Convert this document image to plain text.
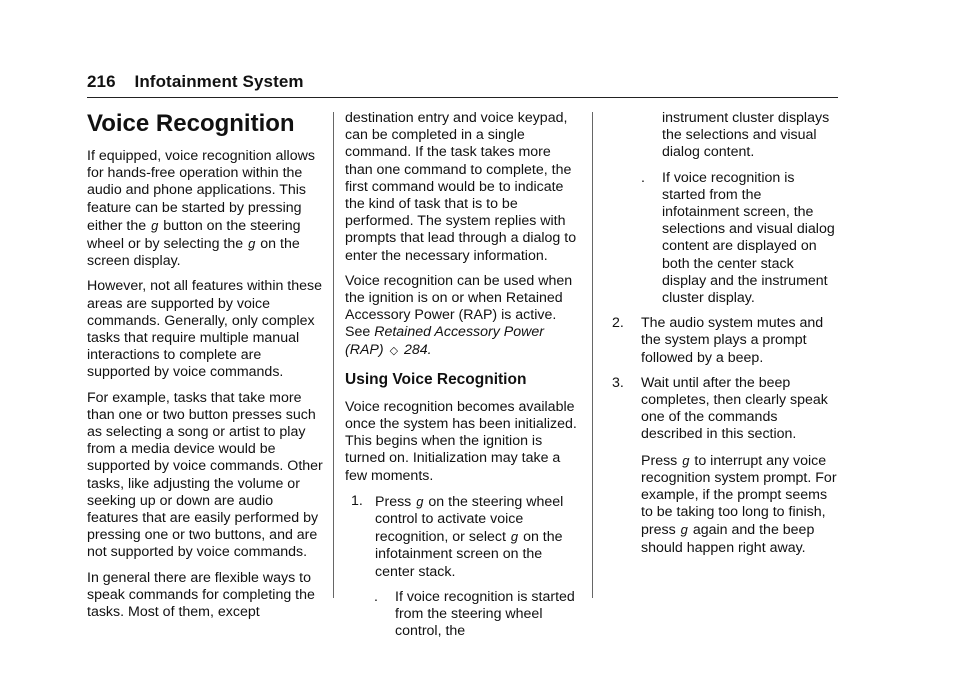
216 Infotainment System
Voice Recognition

If equipped, voice recognition allows for hands-free operation within the audio and phone applications. This feature can be started by pressing either the g button on the steering wheel or by selecting the g on the screen display.

However, not all features within these areas are supported by voice commands. Generally, only complex tasks that require multiple manual interactions to complete are supported by voice commands.

For example, tasks that take more than one or two button presses such as selecting a song or artist to play from a media device would be supported by voice commands. Other tasks, like adjusting the volume or seeking up or down are audio features that are easily performed by pressing one or two buttons, and are not supported by voice commands.

In general there are flexible ways to speak commands for completing the tasks. Most of them, except

destination entry and voice keypad, can be completed in a single command. If the task takes more than one command to complete, the first command would be to indicate the kind of task that is to be performed. The system replies with prompts that lead through a dialog to enter the necessary information.

Voice recognition can be used when the ignition is on or when Retained Accessory Power (RAP) is active. See Retained Accessory Power (RAP) ◇ 284.

Using Voice Recognition

Voice recognition becomes available once the system has been initialized. This begins when the ignition is turned on. Initialization may take a few moments.

1. Press g on the steering wheel control to activate voice recognition, or select g on the infotainment screen on the center stack.
. If voice recognition is started from the steering wheel control, the
instrument cluster displays the selections and visual dialog content.
. If voice recognition is started from the infotainment screen, the selections and visual dialog content are displayed on both the center stack display and the instrument cluster display.
2. The audio system mutes and the system plays a prompt followed by a beep.
3. Wait until after the beep completes, then clearly speak one of the commands described in this section.
Press g to interrupt any voice recognition system prompt. For example, if the prompt seems to be taking too long to finish, press g again and the beep should happen right away.
